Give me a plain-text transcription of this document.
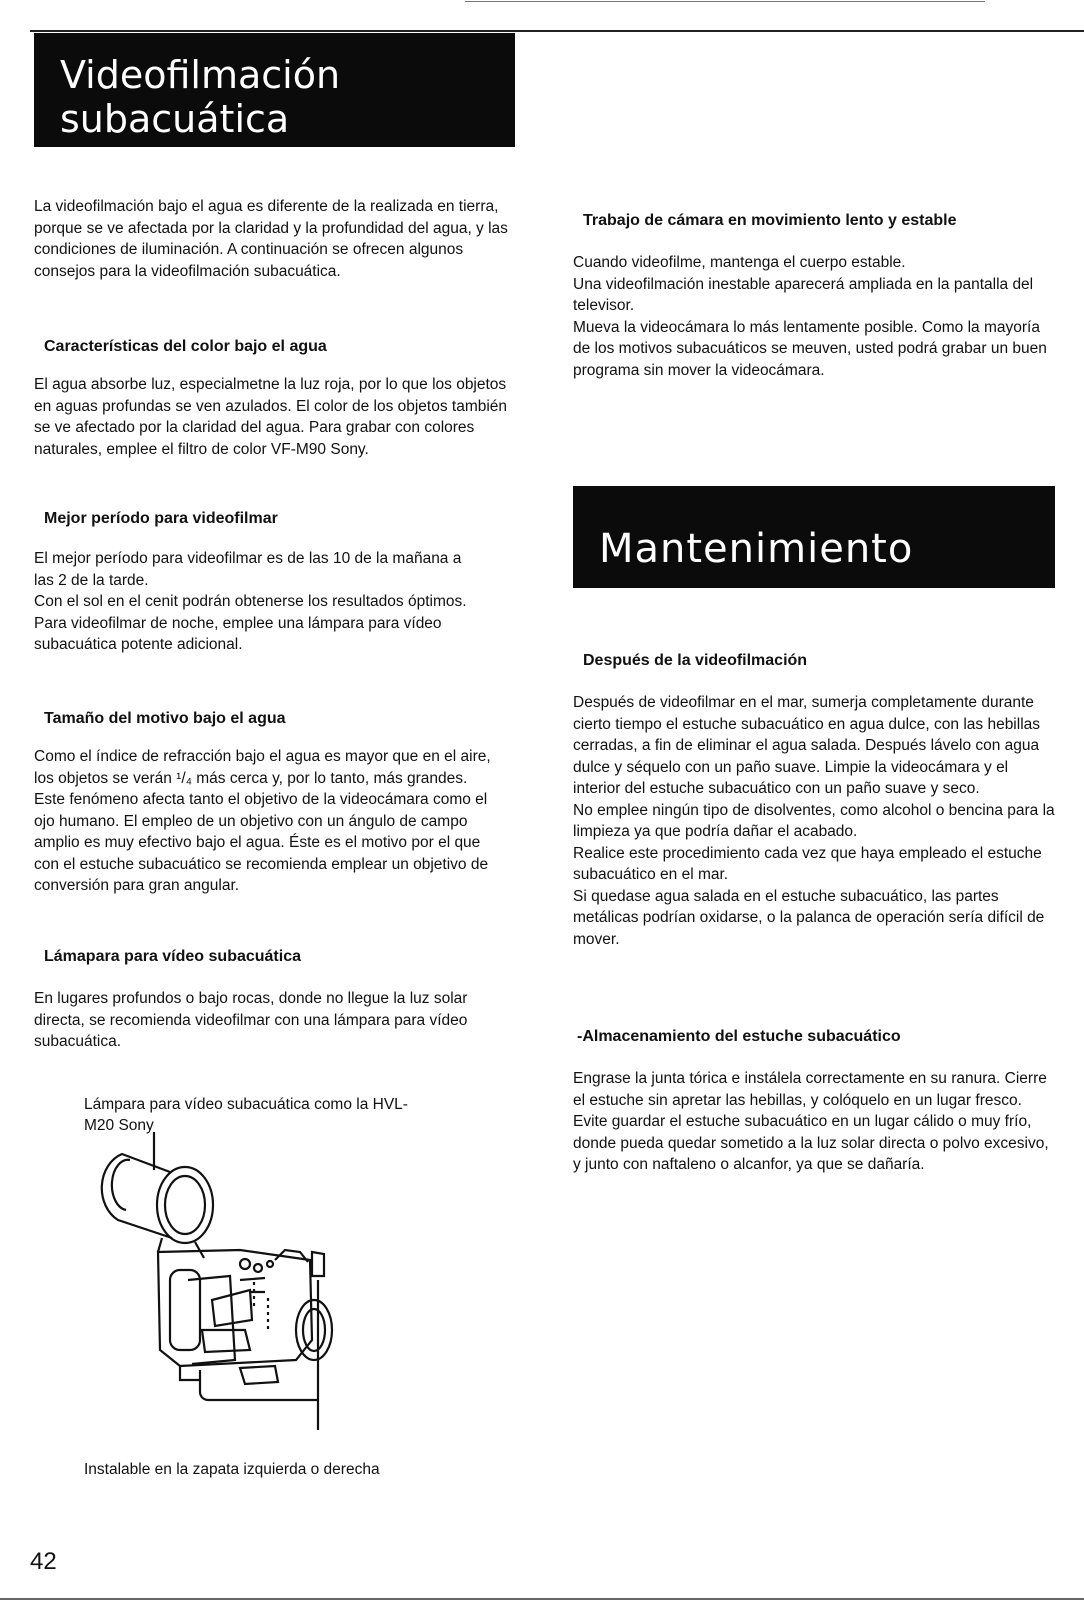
Videofilmación subacuática
Mantenimiento

La videofilmación bajo el agua es diferente de la realizada en tierra, porque se ve afectada por la claridad y la profundidad del agua, y las condiciones de iluminación. A continuación se ofrecen algunos consejos para la videofilmación subacuática.

Características del color bajo el agua

El agua absorbe luz, especialmetne la luz roja, por lo que los objetos en aguas profundas se ven azulados. El color de los objetos también se ve afectado por la claridad del agua. Para grabar con colores naturales, emplee el filtro de color VF-M90 Sony.

Mejor período para videofilmar

El mejor período para videofilmar es de las 10 de la mañana a las 2 de la tarde.

Con el sol en el cenit podrán obtenerse los resultados óptimos.

Para videofilmar de noche, emplee una lámpara para vídeo subacuática potente adicional.

Tamaño del motivo bajo el agua

Como el índice de refracción bajo el agua es mayor que en el aire, los objetos se verán ¹/₄ más cerca y, por lo tanto, más grandes. Este fenómeno afecta tanto el objetivo de la videocámara como el ojo humano. El empleo de un objetivo con un ángulo de campo amplio es muy efectivo bajo el agua. Éste es el motivo por el que con el estuche subacuático se recomienda emplear un objetivo de conversión para gran angular.

Lámapara para vídeo subacuática

En lugares profundos o bajo rocas, donde no llegue la luz solar directa, se recomienda videofilmar con una lámpara para vídeo subacuática.

Lámpara para vídeo subacuática como la HVL-M20 Sony
Instalable en la zapata izquierda o derecha

Trabajo de cámara en movimiento lento y estable

Cuando videofilme, mantenga el cuerpo estable.

Una videofilmación inestable aparecerá ampliada en la pantalla del televisor.

Mueva la videocámara lo más lentamente posible. Como la mayoría de los motivos subacuáticos se meuven, usted podrá grabar un buen programa sin mover la videocámara.

Después de la videofilmación

Después de videofilmar en el mar, sumerja completamente durante cierto tiempo el estuche subacuático en agua dulce, con las hebillas cerradas, a fin de eliminar el agua salada. Después lávelo con agua dulce y séquelo con un paño suave. Limpie la videocámara y el interior del estuche subacuático con un paño suave y seco.

No emplee ningún tipo de disolventes, como alcohol o bencina para la limpieza ya que podría dañar el acabado.

Realice este procedimiento cada vez que haya empleado el estuche subacuático en el mar.

Si quedase agua salada en el estuche subacuático, las partes metálicas podrían oxidarse, o la palanca de operación sería difícil de mover.

-Almacenamiento del estuche subacuático

Engrase la junta tórica e instálela correctamente en su ranura. Cierre el estuche sin apretar las hebillas, y colóquelo en un lugar fresco.

Evite guardar el estuche subacuático en un lugar cálido o muy frío, donde pueda quedar sometido a la luz solar directa o polvo excesivo, y junto con naftaleno o alcanfor, ya que se dañaría.

42
